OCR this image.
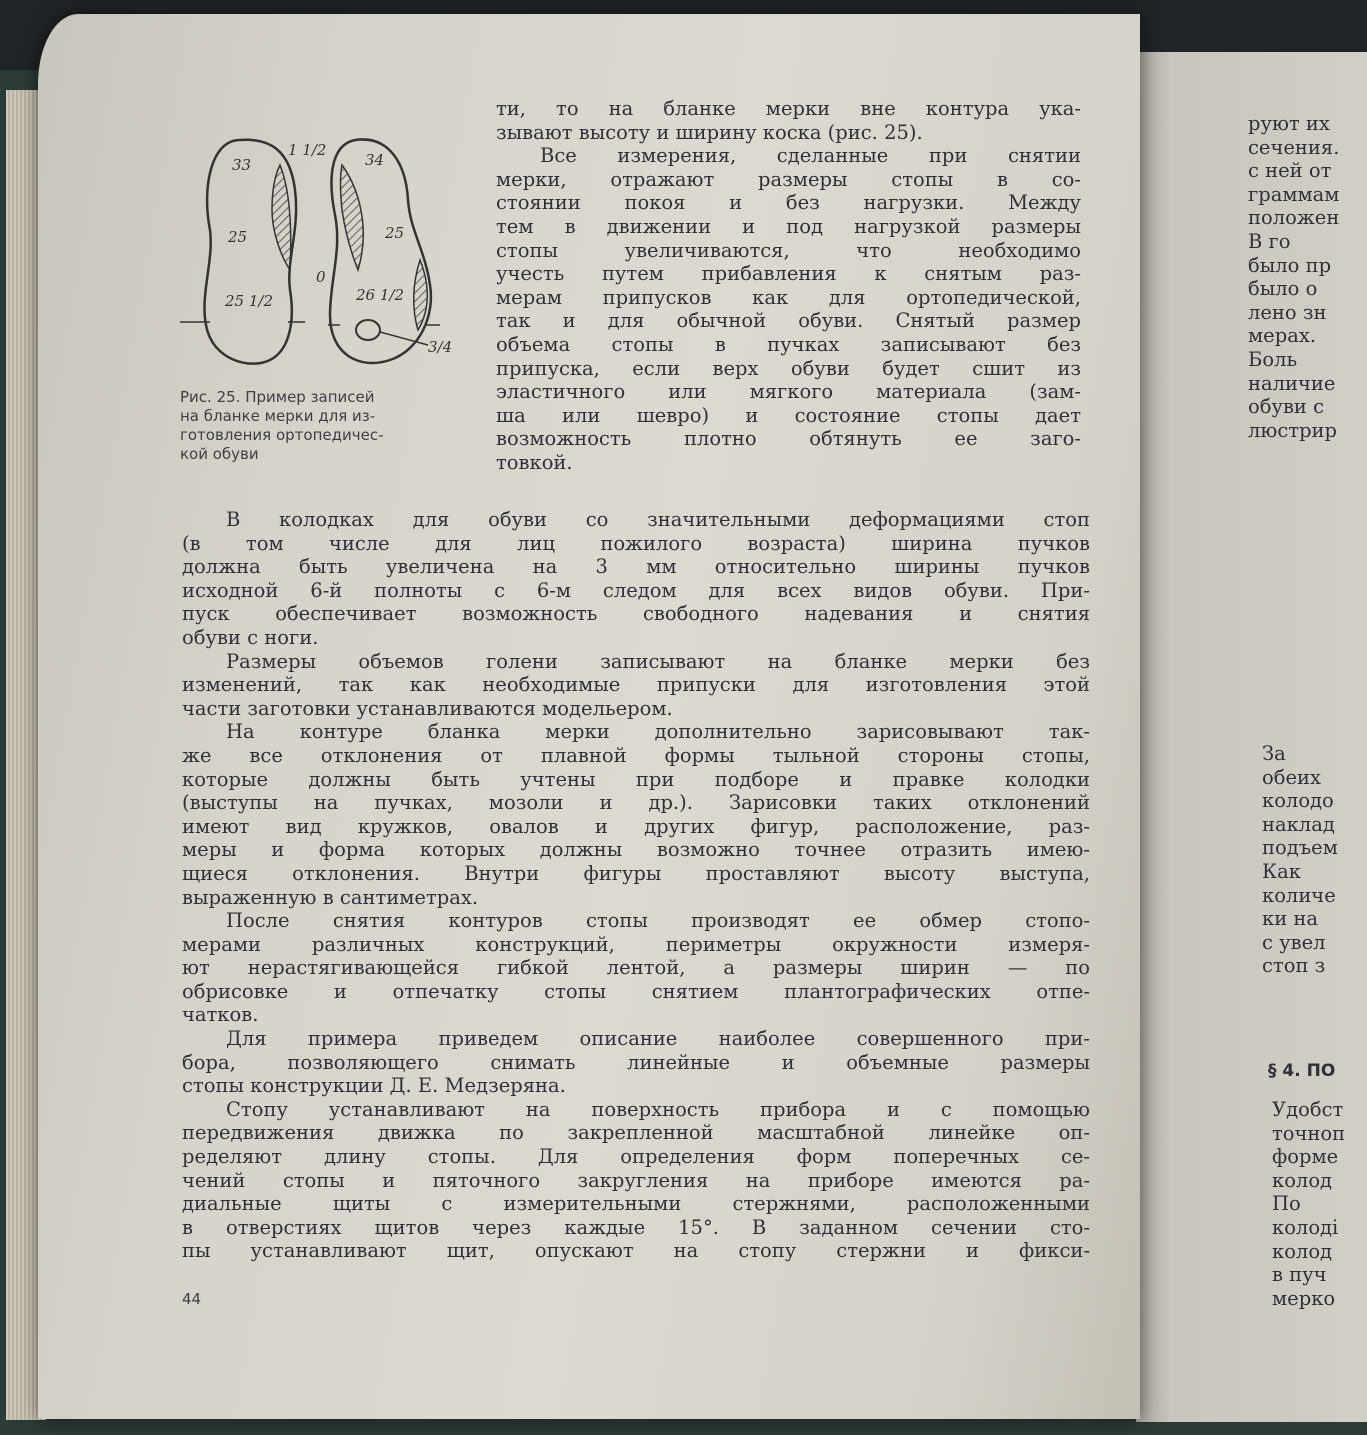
33
25
25 1/2
34
25
26 1/2
1 1/2
0
3/4
Рис. 25. Пример записей
на бланке мерки для из-
готовления ортопедичес-
кой обуви
ти, то на бланке мерки вне контура ука-
зывают высоту и ширину коска (рис. 25).
Все измерения, сделанные при снятии
мерки, отражают размеры стопы в со-
стоянии покоя и без нагрузки. Между
тем в движении и под нагрузкой размеры
стопы увеличиваются, что необходимо
учесть путем прибавления к снятым раз-
мерам припусков как для ортопедической,
так и для обычной обуви. Снятый размер
объема стопы в пучках записывают без
припуска, если верх обуви будет сшит из
эластичного или мягкого материала (зам-
ша или шевро) и состояние стопы дает
возможность плотно обтянуть ее заго-
товкой.
В колодках для обуви со значительными деформациями стоп
(в том числе для лиц пожилого возраста) ширина пучков
должна быть увеличена на 3 мм относительно ширины пучков
исходной 6-й полноты с 6-м следом для всех видов обуви. При-
пуск обеспечивает возможность свободного надевания и снятия
обуви с ноги.
Размеры объемов голени записывают на бланке мерки без
изменений, так как необходимые припуски для изготовления этой
части заготовки устанавливаются модельером.
На контуре бланка мерки дополнительно зарисовывают так-
же все отклонения от плавной формы тыльной стороны стопы,
которые должны быть учтены при подборе и правке колодки
(выступы на пучках, мозоли и др.). Зарисовки таких отклонений
имеют вид кружков, овалов и других фигур, расположение, раз-
меры и форма которых должны возможно точнее отразить имею-
щиеся отклонения. Внутри фигуры проставляют высоту выступа,
выраженную в сантиметрах.
После снятия контуров стопы производят ее обмер стопо-
мерами различных конструкций, периметры окружности измеря-
ют нерастягивающейся гибкой лентой, а размеры ширин — по
обрисовке и отпечатку стопы снятием плантографических отпе-
чатков.
Для примера приведем описание наиболее совершенного при-
бора, позволяющего снимать линейные и объемные размеры
стопы конструкции Д. Е. Медзеряна.
Стопу устанавливают на поверхность прибора и с помощью
передвижения движка по закрепленной масштабной линейке оп-
ределяют длину стопы. Для определения форм поперечных се-
чений стопы и пяточного закругления на приборе имеются ра-
диальные щиты с измерительными стержнями, расположенными
в отверстиях щитов через каждые 15°. В заданном сечении сто-
пы устанавливают щит, опускают на стопу стержни и фикси-
44
руют их
сечения.
с ней от
граммам
положен
В го
было пр
было о
лено зн
мерах.
Боль
наличие
обуви с
люстрир
За
обеих
колодо
наклад
подъем
Как
количе
ки на
с увел
стоп з
§ 4. ПО
Удобст
точноп
форме
колод
По
колоді
колод
в пуч
мерко
